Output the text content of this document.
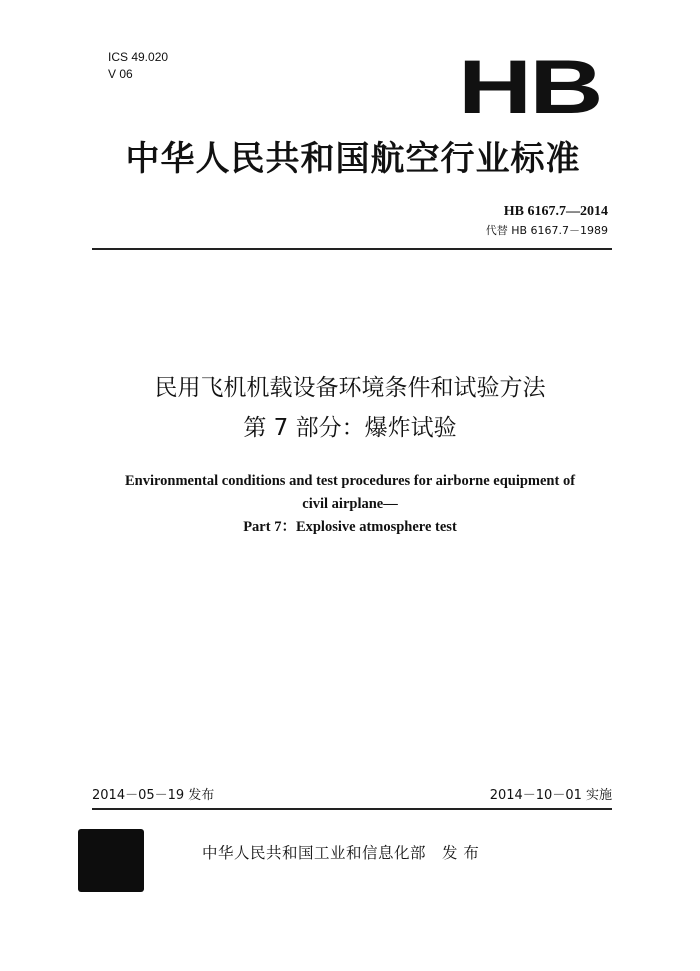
ICS 49.020
V 06	HB
中华人民共和国航空行业标准
HB 6167.7—2014
代替 HB 6167.7－1989
民用飞机机载设备环境条件和试验方法
第 7 部分：爆炸试验
Environmental conditions and test procedures for airborne equipment of
civil airplane—
Part 7：Explosive atmosphere test
2014－05－19 发布	2014－10－01 实施
中华人民共和国工业和信息化部　发 布
